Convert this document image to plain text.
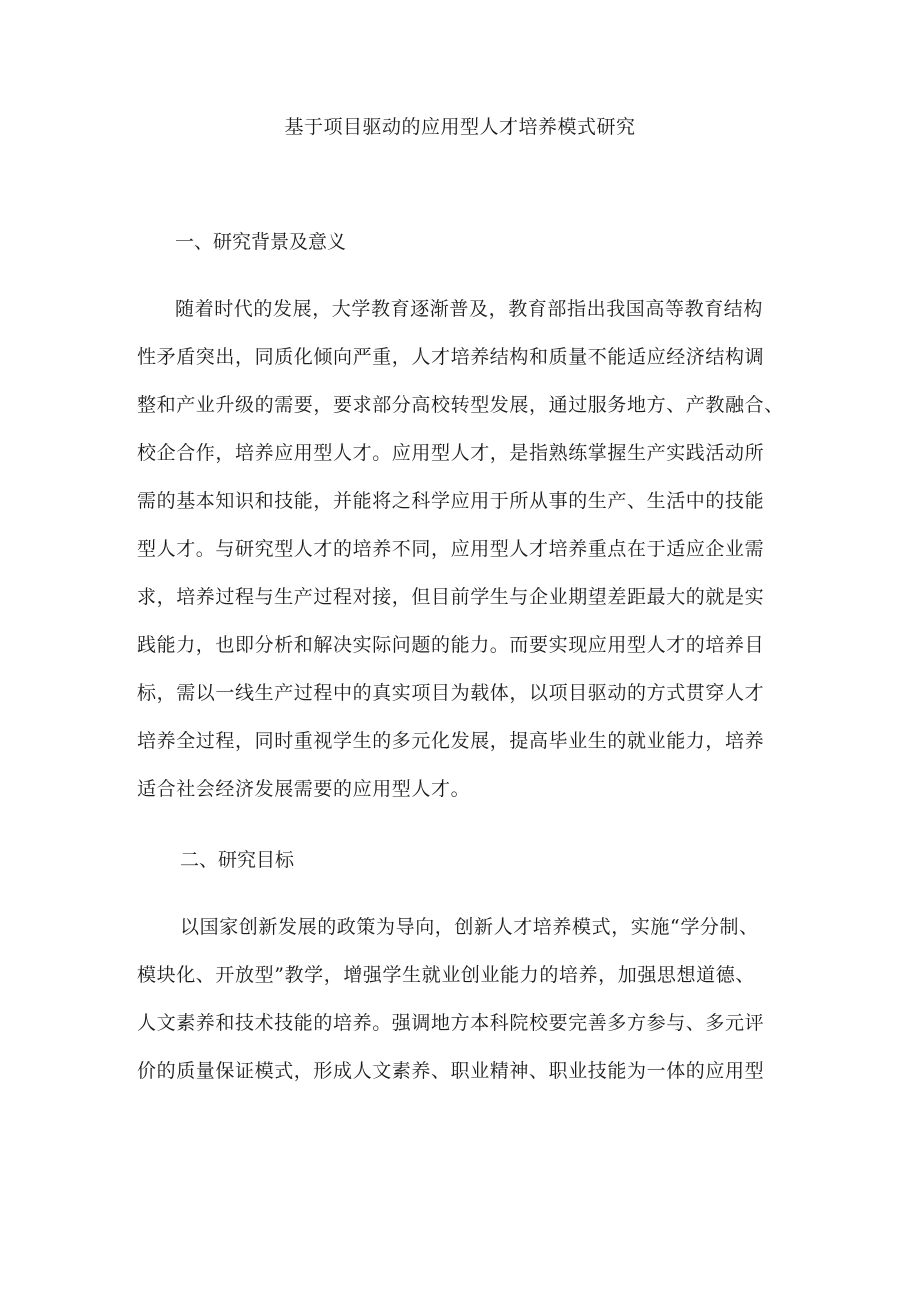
基于项目驱动的应用型人才培养模式研究
一、研究背景及意义
随着时代的发展，大学教育逐渐普及，教育部指出我国高等教育结构
性矛盾突出，同质化倾向严重，人才培养结构和质量不能适应经济结构调
整和产业升级的需要，要求部分高校转型发展，通过服务地方、产教融合、
校企合作，培养应用型人才。应用型人才，是指熟练掌握生产实践活动所
需的基本知识和技能，并能将之科学应用于所从事的生产、生活中的技能
型人才。与研究型人才的培养不同，应用型人才培养重点在于适应企业需
求，培养过程与生产过程对接，但目前学生与企业期望差距最大的就是实
践能力，也即分析和解决实际问题的能力。而要实现应用型人才的培养目
标，需以一线生产过程中的真实项目为载体，以项目驱动的方式贯穿人才
培养全过程，同时重视学生的多元化发展，提高毕业生的就业能力，培养
适合社会经济发展需要的应用型人才。
二、研究目标
以国家创新发展的政策为导向，创新人才培养模式，实施“学分制、
模块化、开放型”教学，增强学生就业创业能力的培养，加强思想道德、
人文素养和技术技能的培养。强调地方本科院校要完善多方参与、多元评
价的质量保证模式，形成人文素养、职业精神、职业技能为一体的应用型
